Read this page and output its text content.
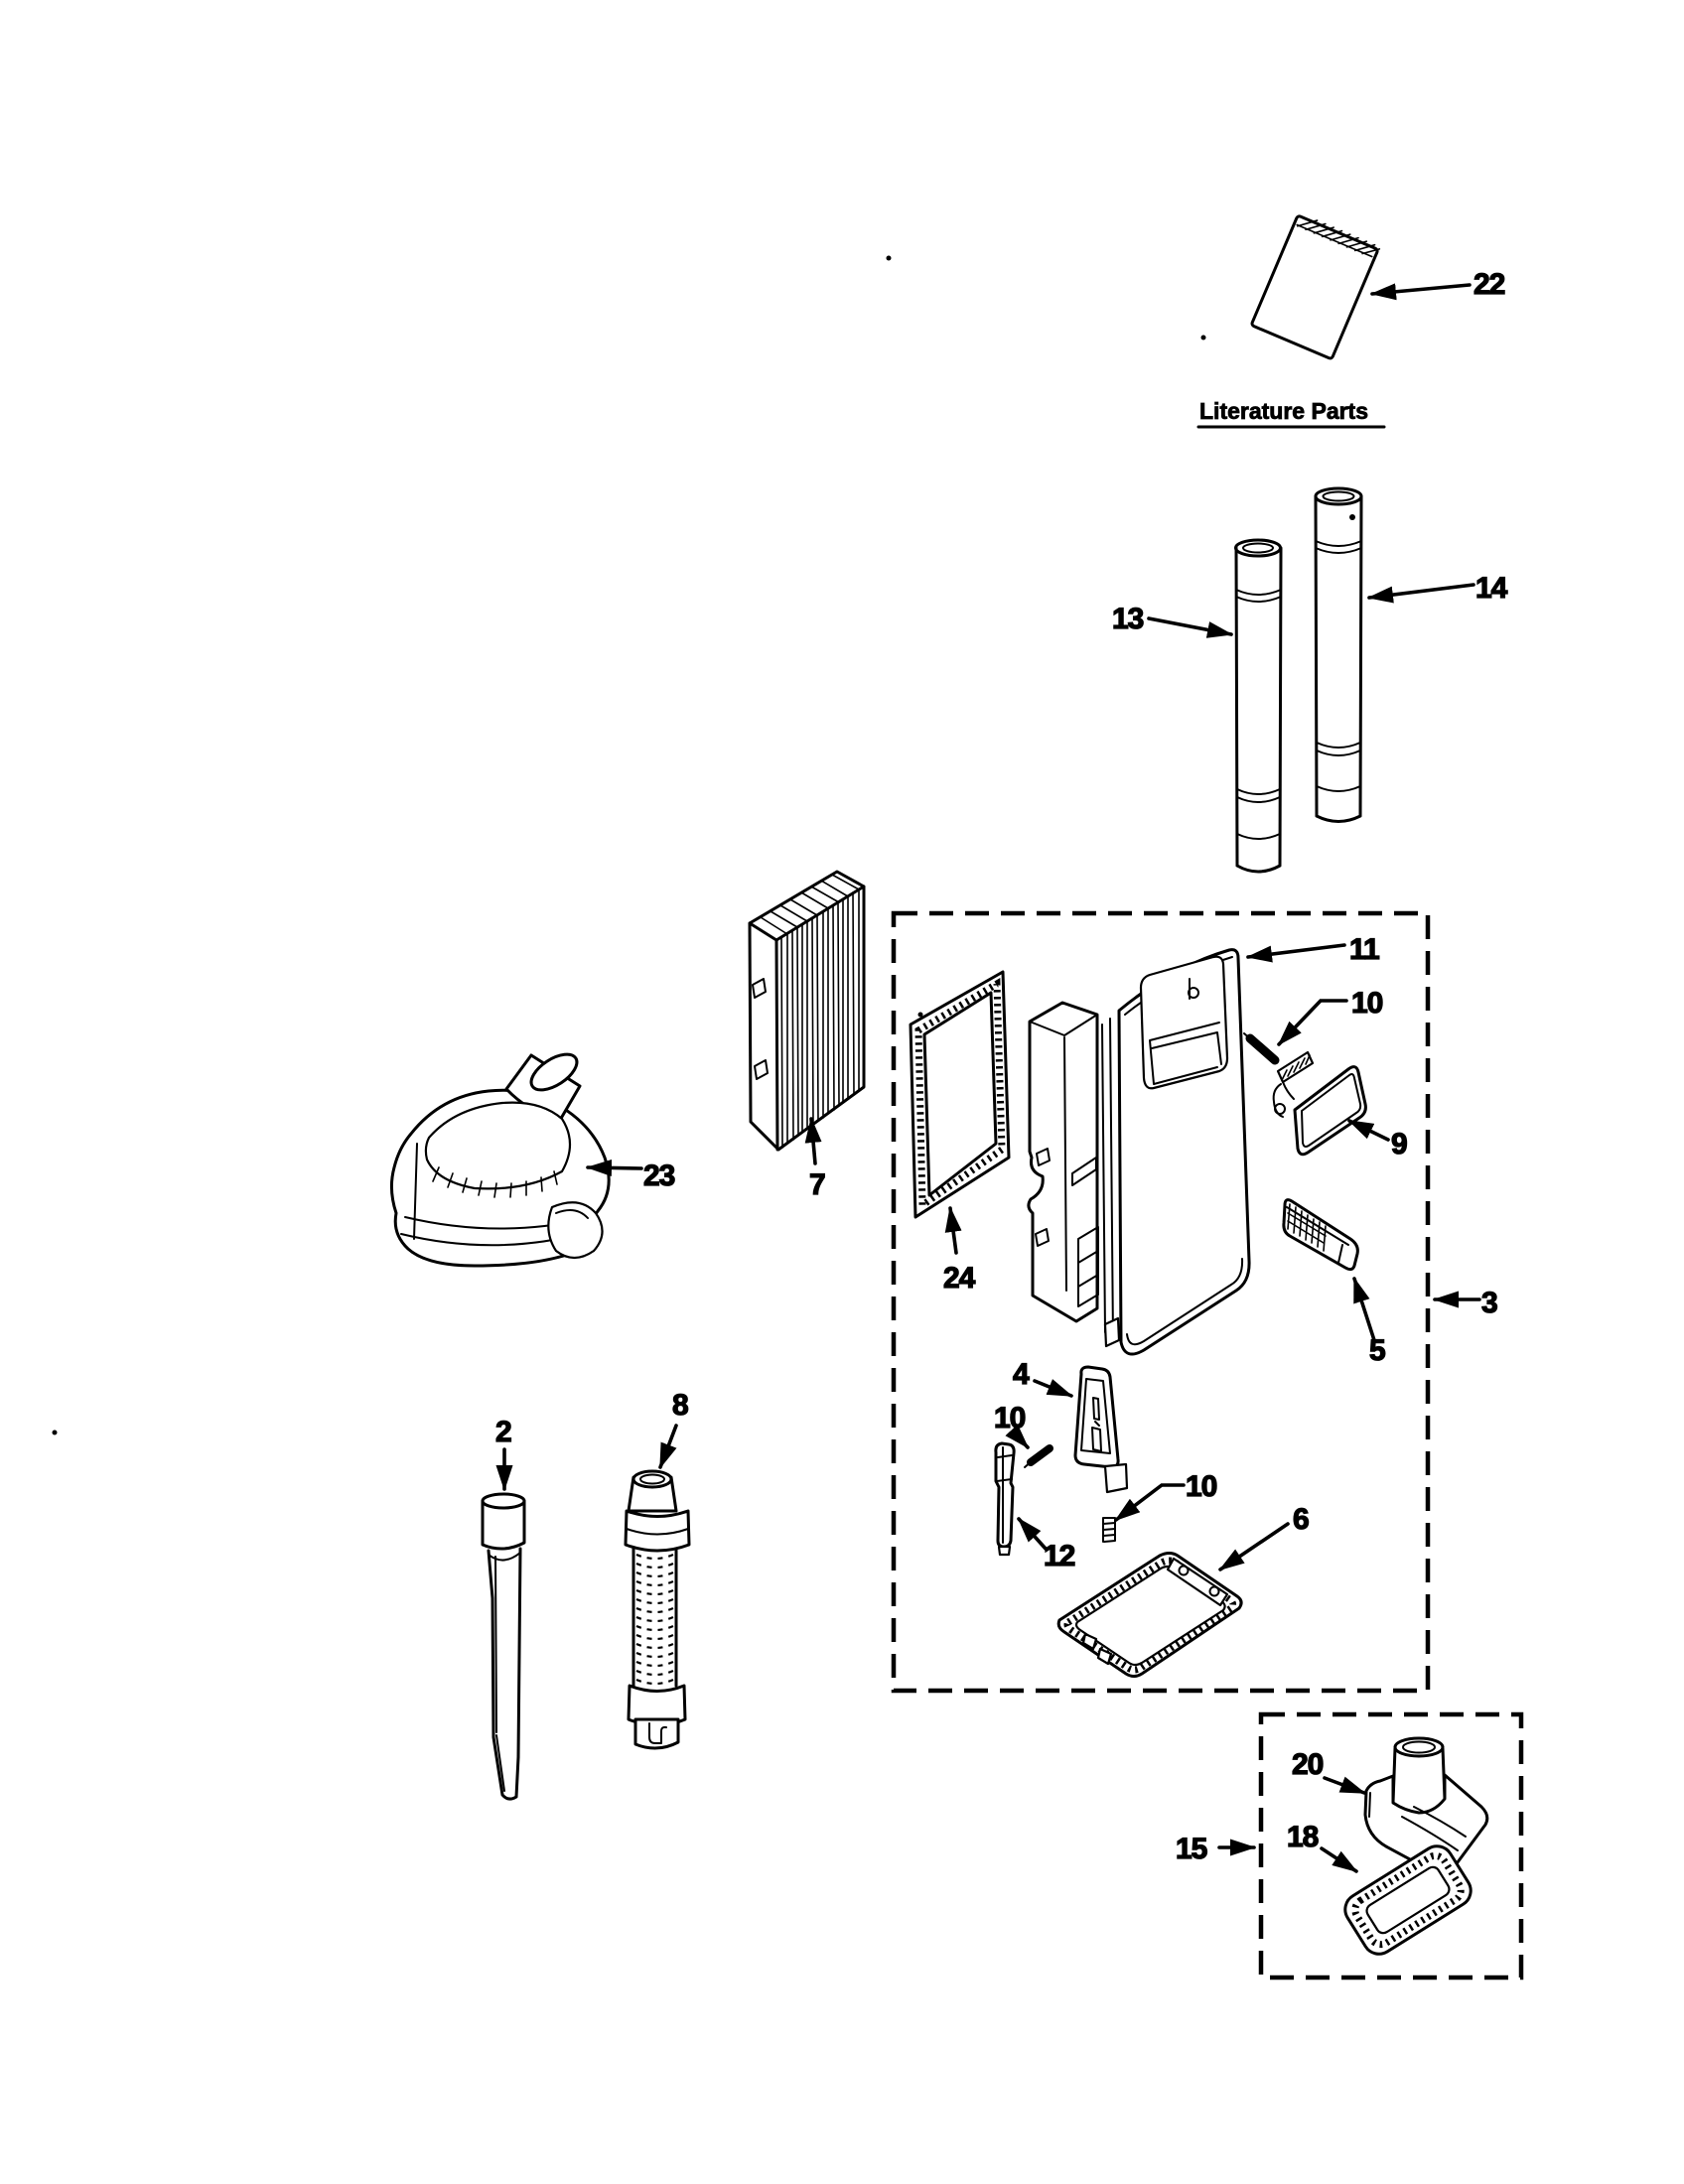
22
Literature Parts
13
14
7
23
3
24
11
10
9
5
4
10
12
10
6
2
8
15
20
18
